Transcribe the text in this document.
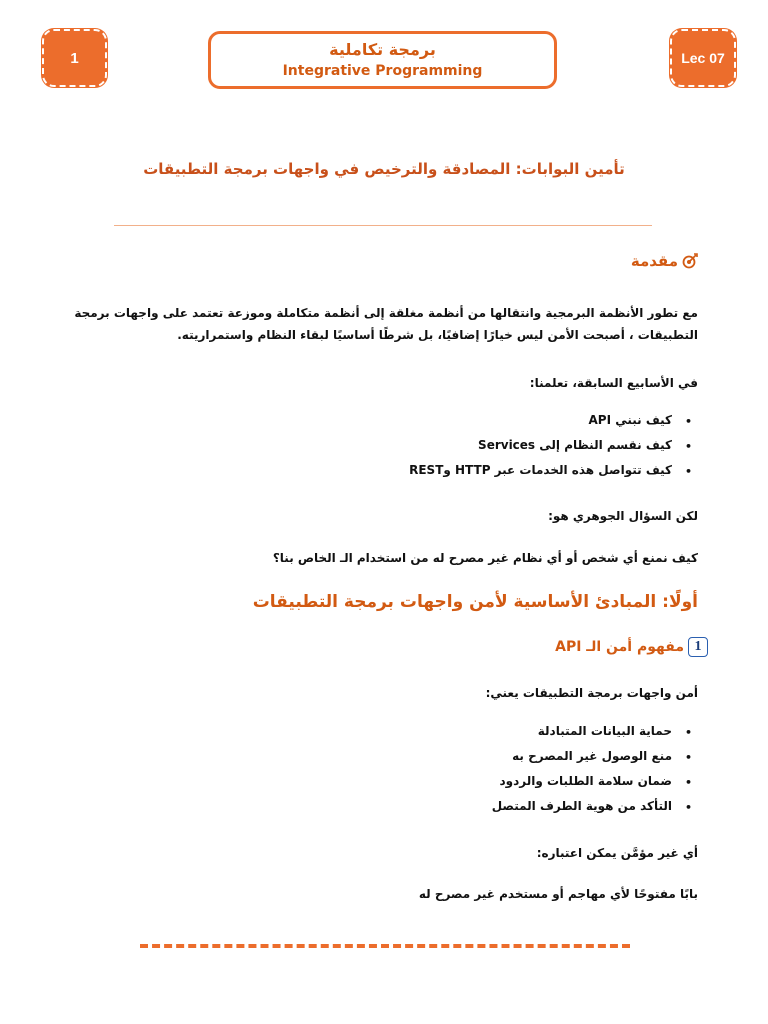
1	برمجة تكاملية
Integrative Programming
Lec 07
تأمين البوابات: المصادقة والترخيص في واجهات برمجة التطبيقات
مقدمة
مع تطور الأنظمة البرمجية وانتقالها من أنظمة مغلقة إلى أنظمة متكاملة وموزعة تعتمد على واجهات برمجة التطبيقات ، أصبحت الأمن ليس خيارًا إضافيًا، بل شرطًا أساسيًا لبقاء النظام واستمراريته.
في الأسابيع السابقة، تعلمنا:
• كيف نبني API
• كيف نقسم النظام إلى Services
• كيف تتواصل هذه الخدمات عبر HTTP وREST
لكن السؤال الجوهري هو:
كيف نمنع أي شخص أو أي نظام غير مصرح له من استخدام الـ الخاص بنا؟
أولًا: المبادئ الأساسية لأمن واجهات برمجة التطبيقات
1
مفهوم أمن الـ API
أمن واجهات برمجة التطبيقات يعني:
• حماية البيانات المتبادلة
• منع الوصول غير المصرح به
• ضمان سلامة الطلبات والردود
• التأكد من هوية الطرف المتصل
أي غير مؤمَّن يمكن اعتباره:
بابًا مفتوحًا لأي مهاجم أو مستخدم غير مصرح له
